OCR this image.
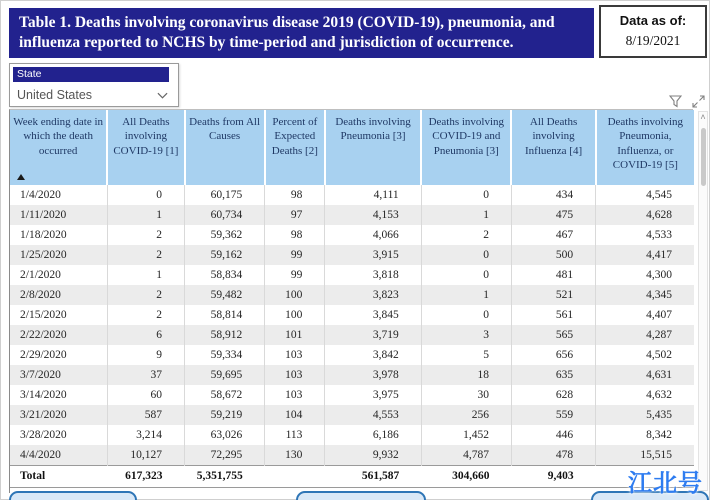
Table 1. Deaths involving coronavirus disease 2019 (COVID-19), pneumonia, and influenza reported to NCHS by time-period and jurisdiction of occurrence.
Data as of:
8/19/2021
State
United States
Week ending date in which the death occurred	All Deaths involving COVID-19 [1]	Deaths from All Causes	Percent of Expected Deaths [2]	Deaths involving Pneumonia [3]	Deaths involving COVID-19 and Pneumonia [3]	All Deaths involving Influenza [4]	Deaths involving Pneumonia, Influenza, or COVID-19 [5]
1/4/2020	0	60,175	98	4,111	0	434	4,545
1/11/2020	1	60,734	97	4,153	1	475	4,628
1/18/2020	2	59,362	98	4,066	2	467	4,533
1/25/2020	2	59,162	99	3,915	0	500	4,417
2/1/2020	1	58,834	99	3,818	0	481	4,300
2/8/2020	2	59,482	100	3,823	1	521	4,345
2/15/2020	2	58,814	100	3,845	0	561	4,407
2/22/2020	6	58,912	101	3,719	3	565	4,287
2/29/2020	9	59,334	103	3,842	5	656	4,502
3/7/2020	37	59,695	103	3,978	18	635	4,631
3/14/2020	60	58,672	103	3,975	30	628	4,632
3/21/2020	587	59,219	104	4,553	256	559	5,435
3/28/2020	3,214	63,026	113	6,186	1,452	446	8,342
4/4/2020	10,127	72,295	130	9,932	4,787	478	15,515
Total	617,323	5,351,755		561,587	304,660	9,403	
˄
江北号
